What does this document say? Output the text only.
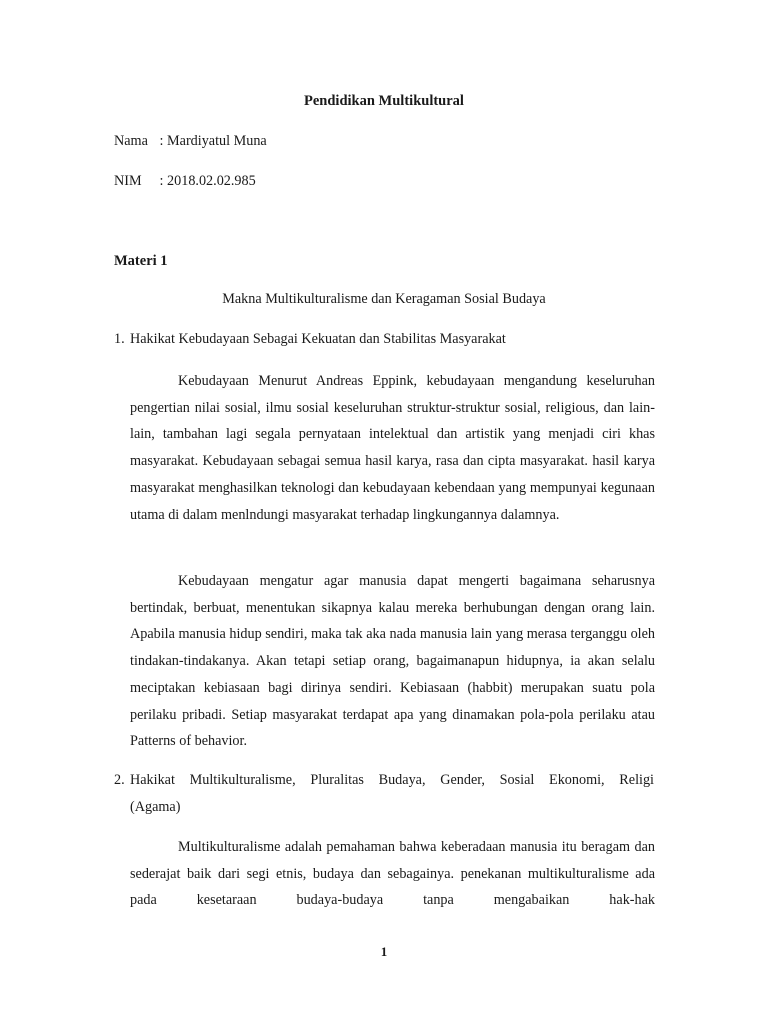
Pendidikan Multikultural
Nama : Mardiyatul Muna
NIM : 2018.02.02.985
Materi 1
Makna Multikulturalisme dan Keragaman Sosial Budaya
1. Hakikat Kebudayaan Sebagai Kekuatan dan Stabilitas Masyarakat

Kebudayaan Menurut Andreas Eppink, kebudayaan mengandung keseluruhan pengertian nilai sosial, ilmu sosial keseluruhan struktur-struktur sosial, religious, dan lain-lain, tambahan lagi segala pernyataan intelektual dan artistik yang menjadi ciri khas masyarakat. Kebudayaan sebagai semua hasil karya, rasa dan cipta masyarakat. hasil karya masyarakat menghasilkan teknologi dan kebudayaan kebendaan yang mempunyai kegunaan utama di dalam menlndungi masyarakat terhadap lingkungannya dalamnya.

Kebudayaan mengatur agar manusia dapat mengerti bagaimana seharusnya bertindak, berbuat, menentukan sikapnya kalau mereka berhubungan dengan orang lain. Apabila manusia hidup sendiri, maka tak aka nada manusia lain yang merasa terganggu oleh tindakan-tindakanya. Akan tetapi setiap orang, bagaimanapun hidupnya, ia akan selalu meciptakan kebiasaan bagi dirinya sendiri. Kebiasaan (habbit) merupakan suatu pola perilaku pribadi. Setiap masyarakat terdapat apa yang dinamakan pola-pola perilaku atau Patterns of behavior.

2. Hakikat Multikulturalisme, Pluralitas Budaya, Gender, Sosial Ekonomi, Religi
(Agama)

Multikulturalisme adalah pemahaman bahwa keberadaan manusia itu beragam dan sederajat baik dari segi etnis, budaya dan sebagainya. penekanan multikulturalisme ada pada kesetaraan budaya-budaya tanpa mengabaikan hak-hak

1
